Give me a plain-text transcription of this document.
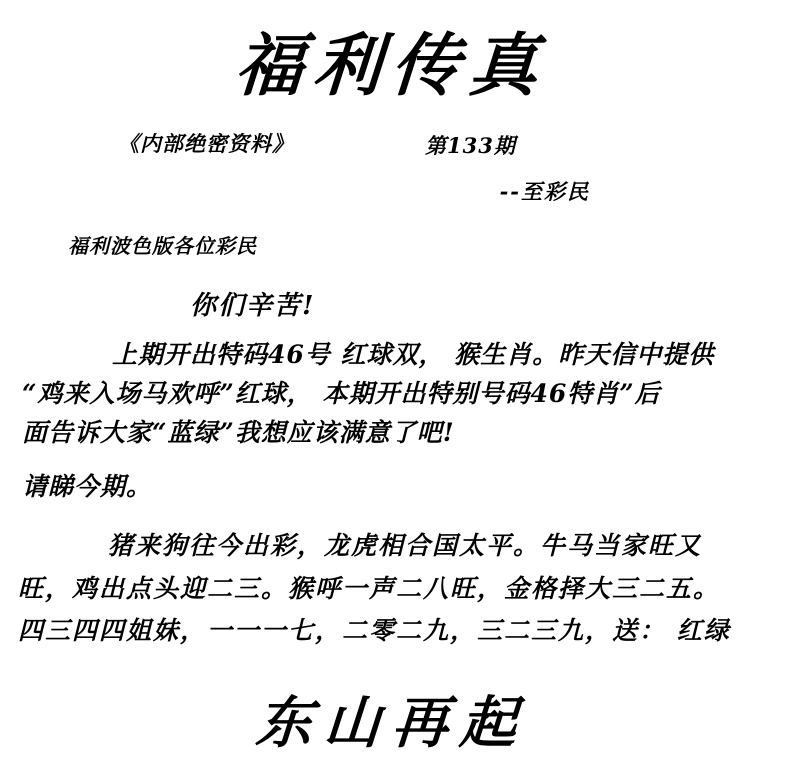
福利传真
《内部绝密资料》	第133期
--至彩民
福利波色版各位彩民
你们辛苦!
上期开出特码46号 红球双， 猴生肖。昨天信中提供
“鸡来入场马欢呼”红球， 本期开出特别号码46特肖”后
面告诉大家“蓝绿”我想应该满意了吧!
请睇今期。
猪来狗往今出彩，龙虎相合国太平。牛马当家旺又
旺，鸡出点头迎二三。猴呼一声二八旺，金格择大三二五。
四三四四姐妹，一一一七，二零二九，三二三九，送： 红绿
东山再起
